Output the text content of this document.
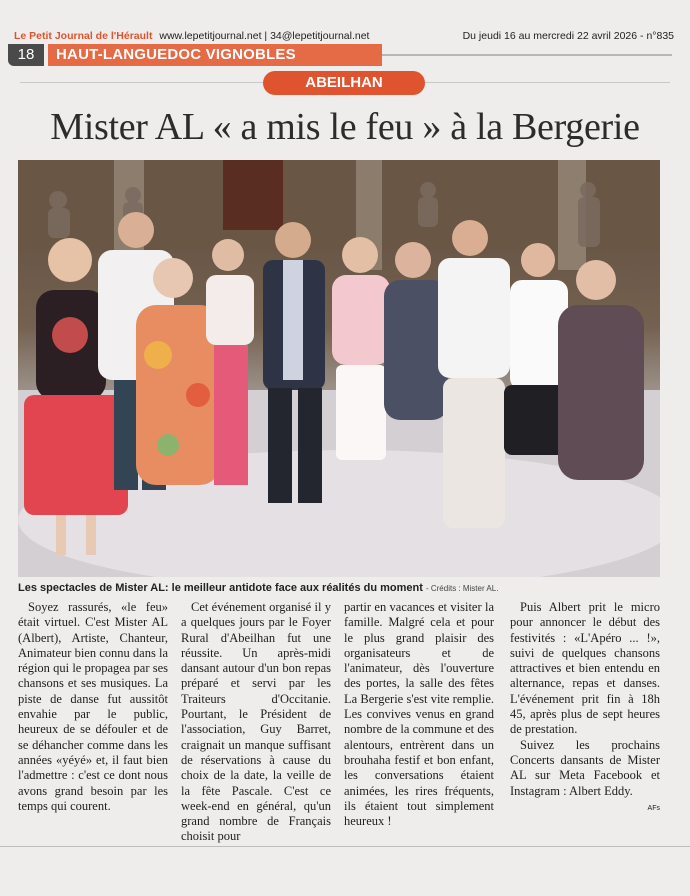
Le Petit Journal de l'Hérault www.lepetitjournal.net | 34@lepetitjournal.net	Du jeudi 16 au mercredi 22 avril 2026 - n°835
18	HAUT-LANGUEDOC VIGNOBLES
ABEILHAN
Mister AL « a mis le feu » à la Bergerie
Les spectacles de Mister AL: le meilleur antidote face aux réalités du moment - Crédits : Mister AL.

Soyez rassurés, «le feu» était virtuel. C'est Mister AL (Albert), Artiste, Chanteur, Animateur bien connu dans la région qui le propagea par ses chansons et ses musiques. La piste de danse fut aussitôt envahie par le public, heureux de se défouler et de se déhancher comme dans les années «yéyé» et, il faut bien l'admettre : c'est ce dont nous avons grand besoin par les temps qui courent.

Cet événement organisé il y a quelques jours par le Foyer Rural d'Abeilhan fut une réussite. Un après-midi dansant autour d'un bon repas préparé et servi par les Traiteurs d'Occitanie. Pourtant, le Président de l'association, Guy Barret, craignait un manque suffisant de réservations à cause du choix de la date, la veille de la fête Pascale. C'est ce week-end en général, qu'un grand nombre de Français choisit pour

partir en vacances et visiter la famille. Malgré cela et pour le plus grand plaisir des organisateurs et de l'animateur, dès l'ouverture des portes, la salle des fêtes La Bergerie s'est vite remplie. Les convives venus en grand nombre de la commune et des alentours, entrèrent dans un brouhaha festif et bon enfant, les conversations étaient animées, les rires fréquents, ils étaient tout simplement heureux !

Puis Albert prit le micro pour annoncer le début des festivités : «L'Apéro ... !», suivi de quelques chansons attractives et bien entendu en alternance, repas et danses. L'événement prit fin à 18h 45, après plus de sept heures de prestation.

Suivez les prochains Concerts dansants de Mister AL sur Meta Facebook et Instagram : Albert Eddy.

AFs
